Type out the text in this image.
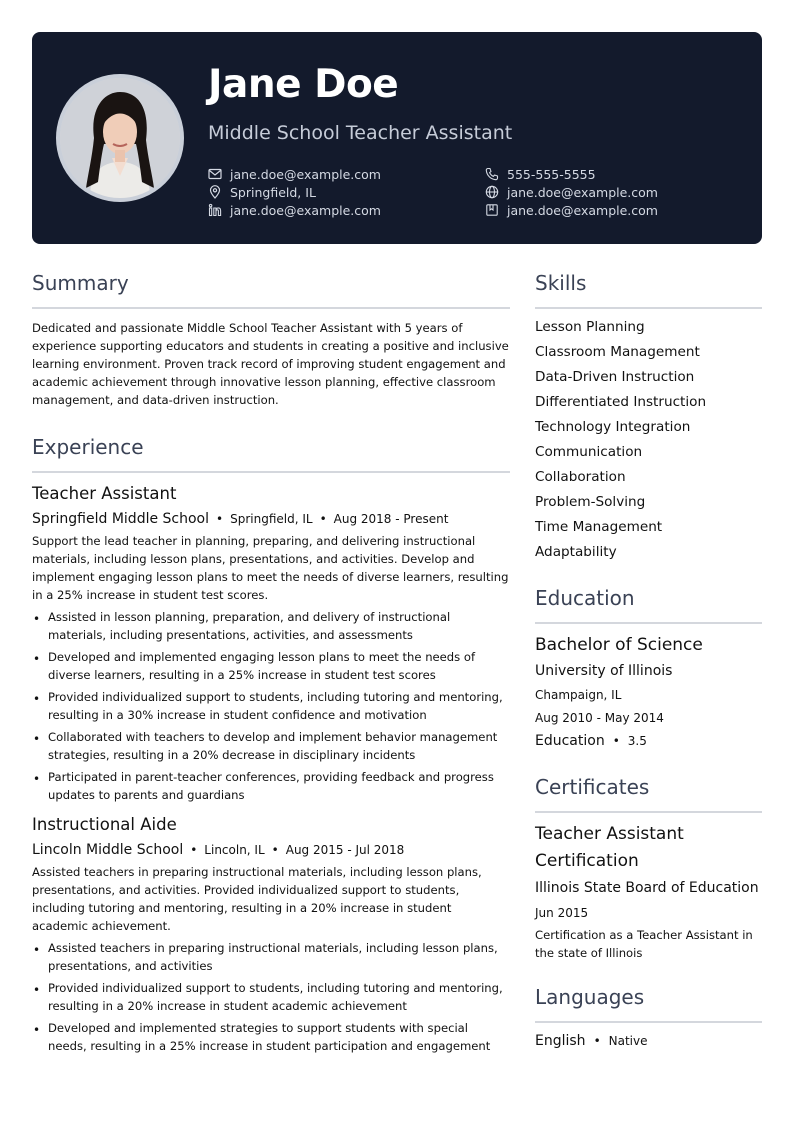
Jane Doe
Middle School Teacher Assistant
jane.doe@example.com
Springfield, IL
jane.doe@example.com
555-555-5555
jane.doe@example.com
jane.doe@example.com
Summary

Dedicated and passionate Middle School Teacher Assistant with 5 years of experience supporting educators and students in creating a positive and inclusive learning environment. Proven track record of improving student engagement and academic achievement through innovative lesson planning, effective classroom management, and data-driven instruction.

Experience
Teacher Assistant
Springfield Middle School • Springfield, IL • Aug 2018 - Present

Support the lead teacher in planning, preparing, and delivering instructional materials, including lesson plans, presentations, and activities. Develop and implement engaging lesson plans to meet the needs of diverse learners, resulting in a 25% increase in student test scores.

• Assisted in lesson planning, preparation, and delivery of instructional materials, including presentations, activities, and assessments
• Developed and implemented engaging lesson plans to meet the needs of diverse learners, resulting in a 25% increase in student test scores
• Provided individualized support to students, including tutoring and mentoring, resulting in a 30% increase in student confidence and motivation
• Collaborated with teachers to develop and implement behavior management strategies, resulting in a 20% decrease in disciplinary incidents
• Participated in parent-teacher conferences, providing feedback and progress updates to parents and guardians
Instructional Aide
Lincoln Middle School • Lincoln, IL • Aug 2015 - Jul 2018

Assisted teachers in preparing instructional materials, including lesson plans, presentations, and activities. Provided individualized support to students, including tutoring and mentoring, resulting in a 20% increase in student academic achievement.

• Assisted teachers in preparing instructional materials, including lesson plans, presentations, and activities
• Provided individualized support to students, including tutoring and mentoring, resulting in a 20% increase in student academic achievement
• Developed and implemented strategies to support students with special needs, resulting in a 25% increase in student participation and engagement
Skills
Lesson Planning
Classroom Management
Data-Driven Instruction
Differentiated Instruction
Technology Integration
Communication
Collaboration
Problem-Solving
Time Management
Adaptability
Education
Bachelor of Science
University of Illinois
Champaign, IL
Aug 2010 - May 2014
Education • 3.5
Certificates
Teacher Assistant Certification
Illinois State Board of Education
Jun 2015
Certification as a Teacher Assistant in the state of Illinois
Languages
English • Native
